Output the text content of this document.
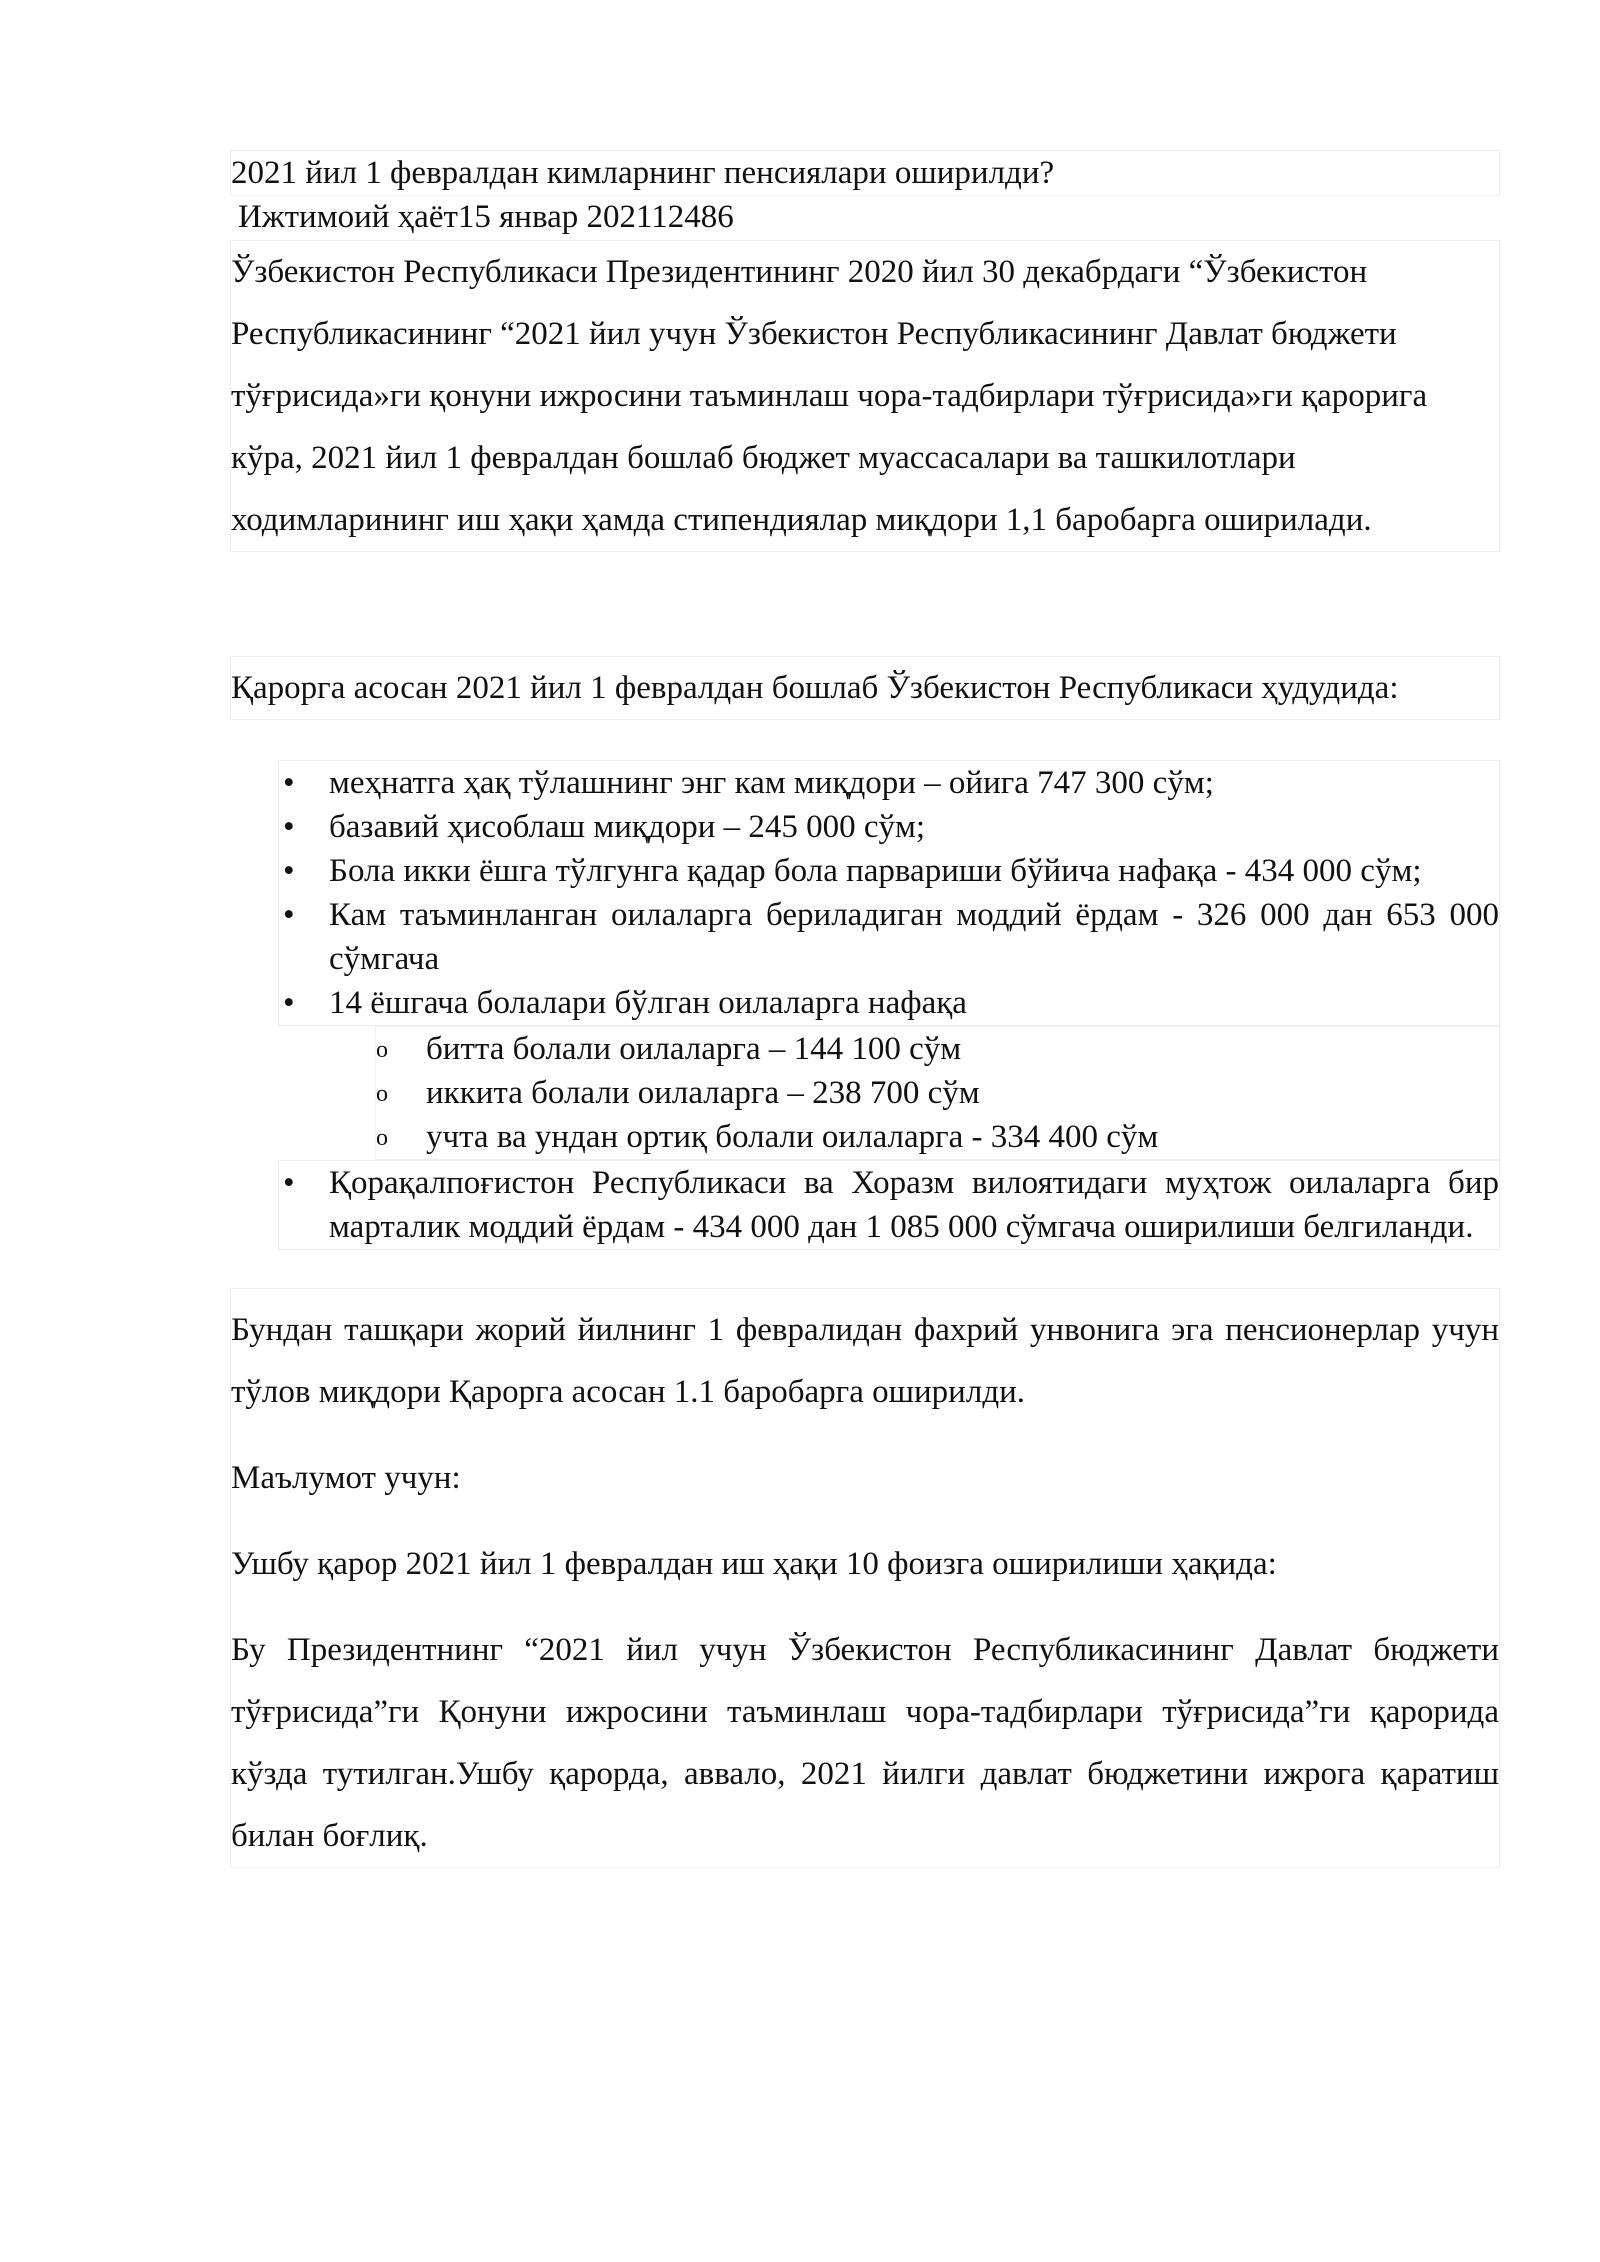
2021 йил 1 февралдан кимларнинг пенсиялари оширилди?
Ижтимоий ҳаёт15 январ 202112486
Ўзбекистон Республикаси Президентининг 2020 йил 30 декабрдаги “Ўзбекистон Республикасининг “2021 йил учун Ўзбекистон Республикасининг Давлат бюджети тўғрисида»ги қонуни ижросини таъминлаш чора-тадбирлари тўғрисида»ги қарорига кўра, 2021 йил 1 февралдан бошлаб бюджет муассасалари ва ташкилотлари ходимларининг иш ҳақи ҳамда стипендиялар миқдори 1,1 баробарга оширилади.
Қарорга асосан 2021 йил 1 февралдан бошлаб Ўзбекистон Республикаси ҳудудида:
•	меҳнатга ҳақ тўлашнинг энг кам миқдори – ойига 747 300 сўм;
•	базавий ҳисоблаш миқдори – 245 000 сўм;
•	Бола икки ёшга тўлгунга қадар бола парвариши бўйича нафақа - 434 000 сўм;
•	Кам таъминланган оилаларга бериладиган моддий ёрдам - 326 000 дан 653 000 сўмгача
•	14 ёшгача болалари бўлган оилаларга нафақа
o битта болали оилаларга – 144 100 сўм
o иккита болали оилаларга – 238 700 сўм
o учта ва ундан ортиқ болали оилаларга - 334 400 сўм
•	Қорақалпоғистон Республикаси ва Хоразм вилоятидаги муҳтож оилаларга бир марталик моддий ёрдам - 434 000 дан 1 085 000 сўмгача оширилиши белгиланди.
Бундан ташқари жорий йилнинг 1 февралидан фахрий унвонига эга пенсионерлар учун тўлов миқдори Қарорга асосан 1.1 баробарга оширилди.
Маълумот учун:
Ушбу қарор 2021 йил 1 февралдан иш ҳақи 10 фоизга оширилиши ҳақида:
Бу Президентнинг “2021 йил учун Ўзбекистон Республикасининг Давлат бюджети тўғрисида”ги Қонуни ижросини таъминлаш чора-тадбирлари тўғрисида”ги қарорида кўзда тутилган.Ушбу қарорда, аввало, 2021 йилги давлат бюджетини ижрога қаратиш билан боғлиқ.
